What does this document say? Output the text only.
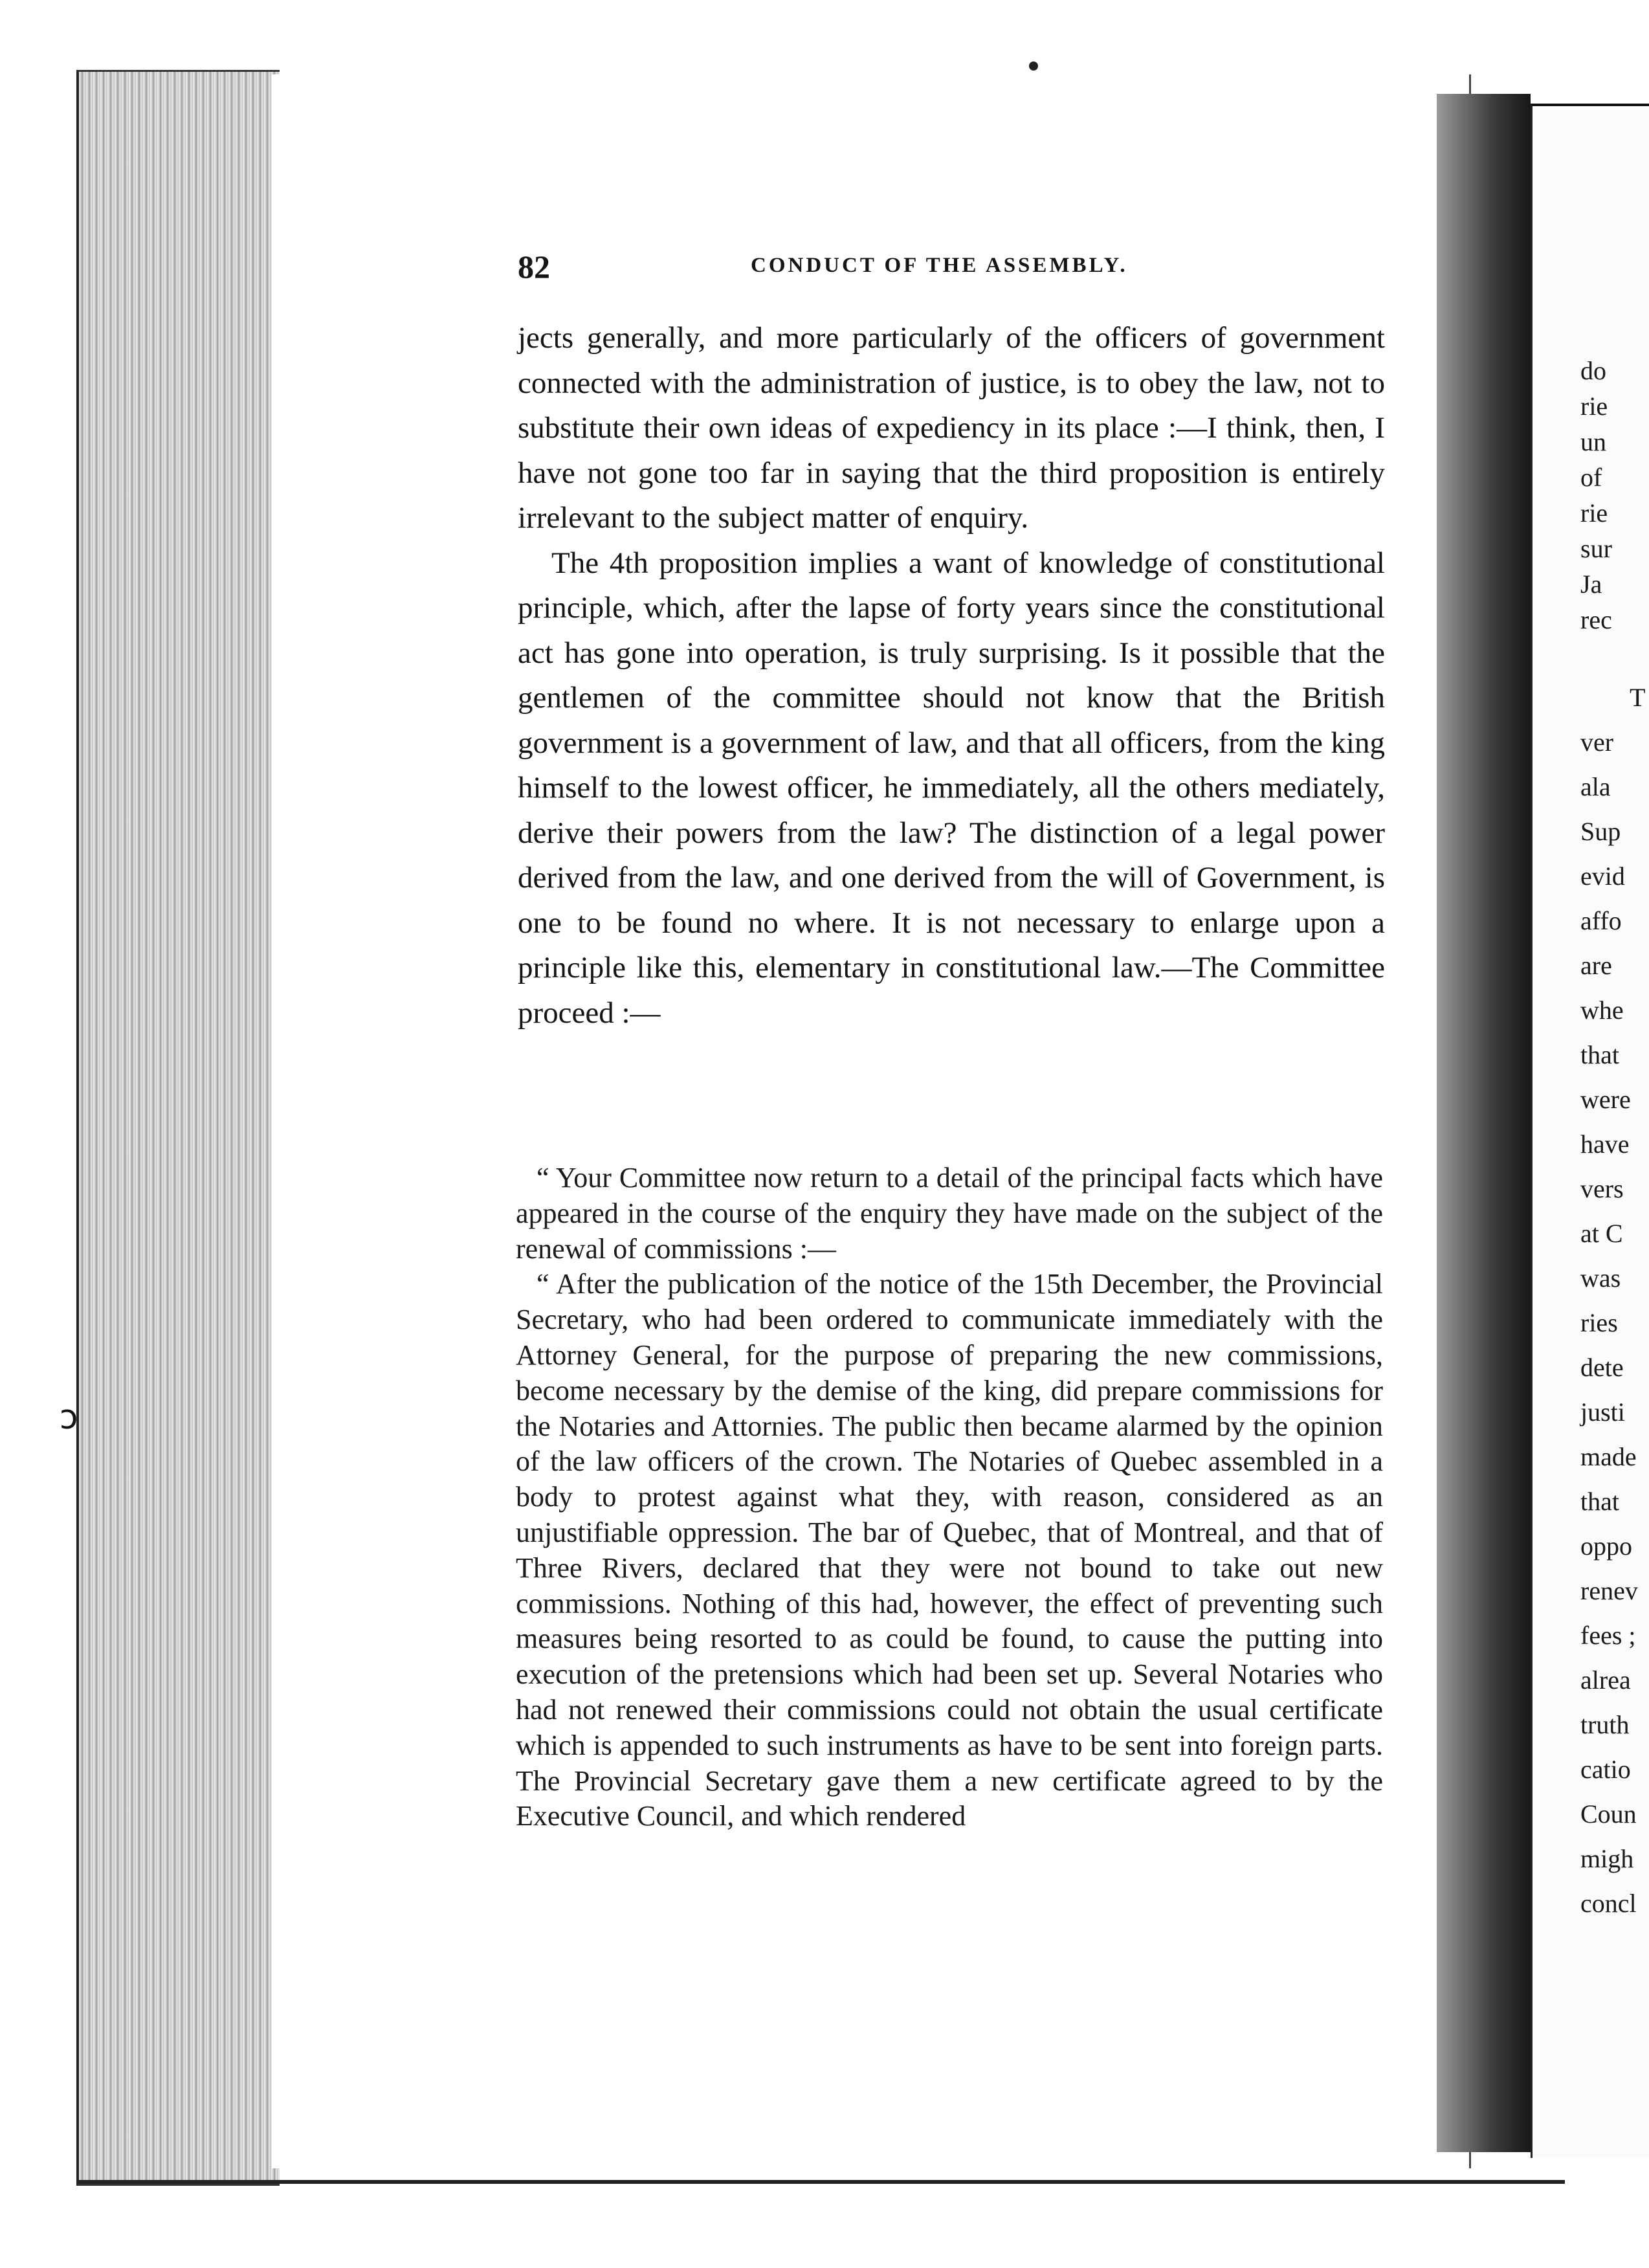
do
rie
un
of
rie
sur
Ja
rec
T
ver
ala
Sup
evid
affo
are
whe
that
were
have
vers
at C
was
ries
dete
justi
made
that
oppo
renev
fees ;
alrea
truth
catio
Coun
migh
concl
82	CONDUCT OF THE ASSEMBLY.

jects generally, and more particularly of the officers of government connected with the administration of justice, is to obey the law, not to substitute their own ideas of expediency in its place :—I think, then, I have not gone too far in saying that the third proposition is entirely irrelevant to the subject matter of enquiry.

The 4th proposition implies a want of knowledge of constitutional principle, which, after the lapse of forty years since the constitutional act has gone into operation, is truly surprising. Is it possible that the gentlemen of the committee should not know that the British government is a government of law, and that all officers, from the king himself to the lowest officer, he immediately, all the others mediately, derive their powers from the law? The distinction of a legal power derived from the law, and one derived from the will of Government, is one to be found no where. It is not necessary to enlarge upon a principle like this, elementary in constitutional law.—The Committee proceed :—

“ Your Committee now return to a detail of the principal facts which have appeared in the course of the enquiry they have made on the subject of the renewal of commissions :—

“ After the publication of the notice of the 15th December, the Provincial Secretary, who had been ordered to communicate immediately with the Attorney General, for the purpose of preparing the new commissions, become necessary by the demise of the king, did prepare commissions for the Notaries and Attornies. The public then became alarmed by the opinion of the law officers of the crown. The Notaries of Quebec assembled in a body to protest against what they, with reason, considered as an unjustifiable oppression. The bar of Quebec, that of Montreal, and that of Three Rivers, declared that they were not bound to take out new commissions. Nothing of this had, however, the effect of preventing such measures being resorted to as could be found, to cause the putting into execution of the pretensions which had been set up. Several Notaries who had not renewed their commissions could not obtain the usual certificate which is appended to such instruments as have to be sent into foreign parts. The Provincial Secretary gave them a new certificate agreed to by the Executive Council, and which rendered

ↄ
